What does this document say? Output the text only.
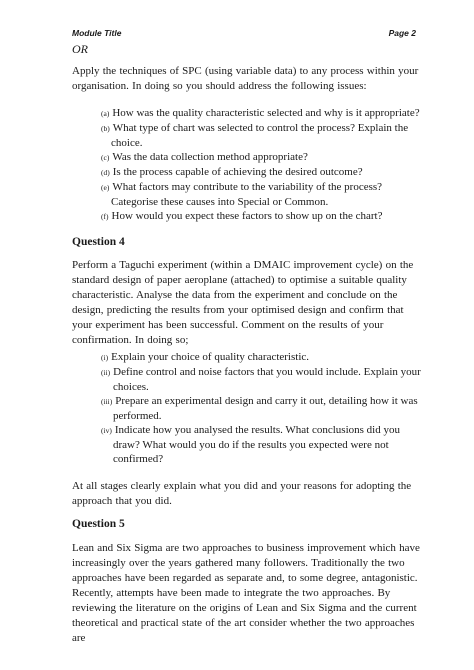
Module Title	Page 2
OR
Apply the techniques of SPC (using variable data) to any process within your organisation. In doing so you should address the following issues:
(a) How was the quality characteristic selected and why is it appropriate?
(b) What type of chart was selected to control the process? Explain the choice.
(c) Was the data collection method appropriate?
(d) Is the process capable of achieving the desired outcome?
(e) What factors may contribute to the variability of the process? Categorise these causes into Special or Common.
(f) How would you expect these factors to show up on the chart?
Question 4
Perform a Taguchi experiment (within a DMAIC improvement cycle) on the standard design of paper aeroplane (attached) to optimise a suitable quality characteristic. Analyse the data from the experiment and conclude on the design, predicting the results from your optimised design and confirm that your experiment has been successful. Comment on the results of your confirmation. In doing so;
(i) Explain your choice of quality characteristic.
(ii) Define control and noise factors that you would include. Explain your choices.
(iii) Prepare an experimental design and carry it out, detailing how it was performed.
(iv) Indicate how you analysed the results. What conclusions did you draw? What would you do if the results you expected were not confirmed?
At all stages clearly explain what you did and your reasons for adopting the approach that you did.
Question 5
Lean and Six Sigma are two approaches to business improvement which have increasingly over the years gathered many followers. Traditionally the two approaches have been regarded as separate and, to some degree, antagonistic. Recently, attempts have been made to integrate the two approaches. By reviewing the literature on the origins of Lean and Six Sigma and the current theoretical and practical state of the art consider whether the two approaches are
